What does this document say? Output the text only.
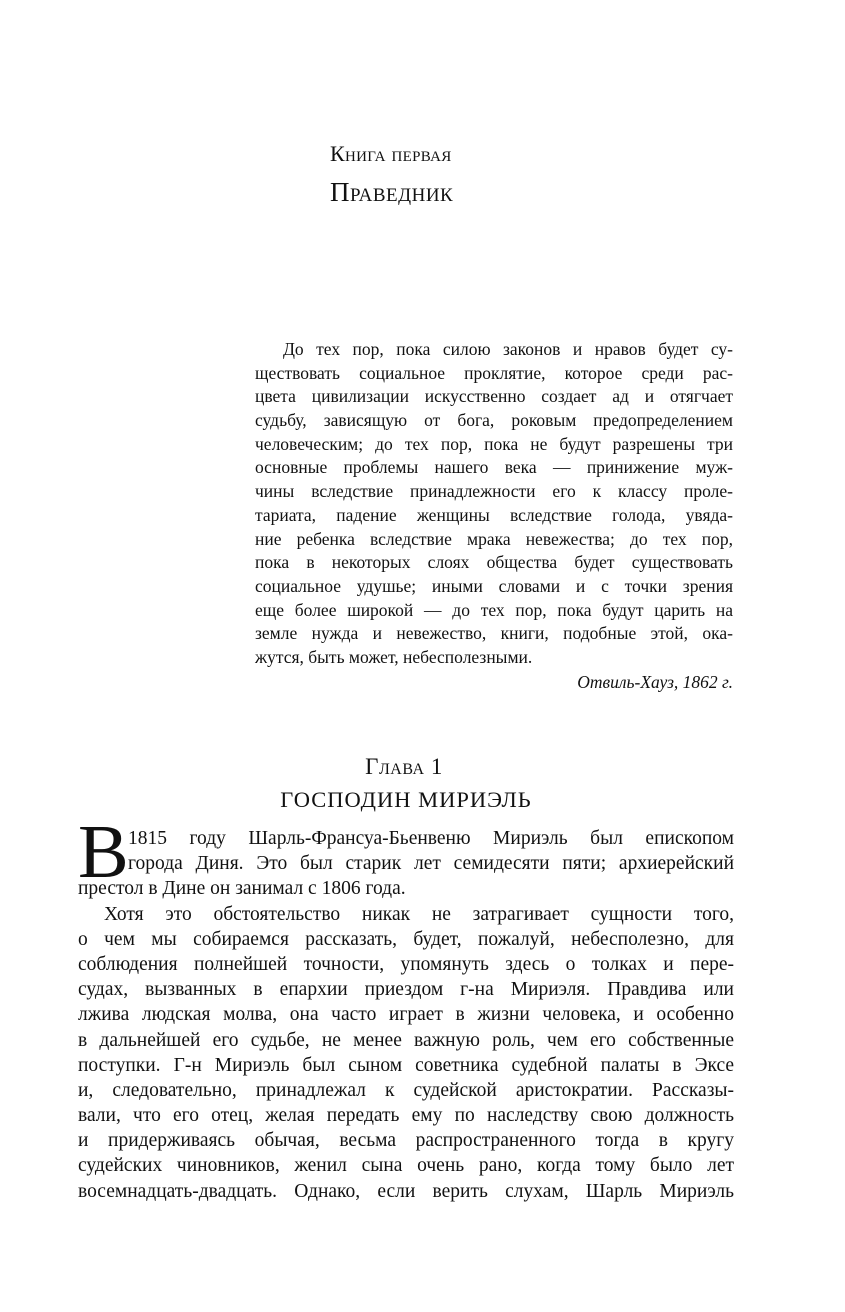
Книга первая
Праведник
До тех пор, пока силою законов и нравов будет су-
ществовать социальное проклятие, которое среди рас-
цвета цивилизации искусственно создает ад и отягчает
судьбу, зависящую от бога, роковым предопределением
человеческим; до тех пор, пока не будут разрешены три
основные проблемы нашего века — принижение муж-
чины вследствие принадлежности его к классу проле-
тариата, падение женщины вследствие голода, увяда-
ние ребенка вследствие мрака невежества; до тех пор,
пока в некоторых слоях общества будет существовать
социальное удушье; иными словами и с точки зрения
еще более широкой — до тех пор, пока будут царить на
земле нужда и невежество, книги, подобные этой, ока-
жутся, быть может, небесполезными.
Отвиль-Хауз, 1862 г.
Глава 1
ГОСПОДИН МИРИЭЛЬ
В 1815 году Шарль-Франсуа-Бьенвеню Мириэль был епископом
города Диня. Это был старик лет семидесяти пяти; архиерейский
престол в Дине он занимал с 1806 года.
Хотя это обстоятельство никак не затрагивает сущности того,
о чем мы собираемся рассказать, будет, пожалуй, небесполезно, для
соблюдения полнейшей точности, упомянуть здесь о толках и пере-
судах, вызванных в епархии приездом г-на Мириэля. Правдива или
лжива людская молва, она часто играет в жизни человека, и особенно
в дальнейшей его судьбе, не менее важную роль, чем его собственные
поступки. Г-н Мириэль был сыном советника судебной палаты в Эксе
и, следовательно, принадлежал к судейской аристократии. Рассказы-
вали, что его отец, желая передать ему по наследству свою должность
и придерживаясь обычая, весьма распространенного тогда в кругу
судейских чиновников, женил сына очень рано, когда тому было лет
восемнадцать-двадцать. Однако, если верить слухам, Шарль Мириэль
